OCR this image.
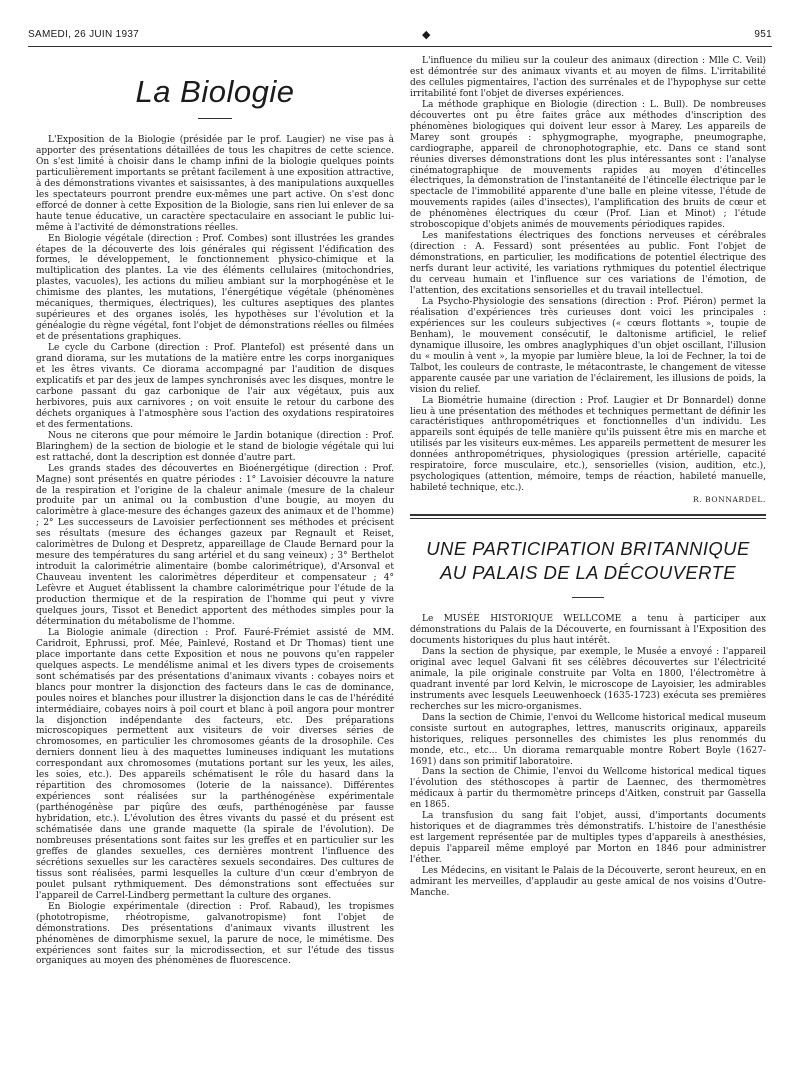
SAMEDI, 26 JUIN 1937	◆	951
La Biologie

L'Exposition de la Biologie (présidée par le prof. Laugier) ne vise pas à apporter des présentations détaillées de tous les chapitres de cette science. On s'est limité à choisir dans le champ infini de la biologie quelques points particulièrement importants se prêtant facilement à une exposition attractive, à des démonstrations vivantes et saisissantes, à des manipulations auxquelles les spectateurs pourront prendre eux-mêmes une part active. On s'est donc efforcé de donner à cette Exposition de la Biologie, sans rien lui enlever de sa haute tenue éducative, un caractère spectaculaire en associant le public lui-même à l'activité de démonstrations réelles.

En Biologie végétale (direction : Prof. Combes) sont illustrées les grandes étapes de la découverte des lois générales qui régissent l'édification des formes, le développement, le fonctionnement physico-chimique et la multiplication des plantes. La vie des éléments cellulaires (mitochondries, plastes, vacuoles), les actions du milieu ambiant sur la morphogénèse et le chimisme des plantes, les mutations, l'énergétique végétale (phénomènes mécaniques, thermiques, électriques), les cultures aseptiques des plantes supérieures et des organes isolés, les hypothèses sur l'évolution et la généalogie du règne végétal, font l'objet de démonstrations réelles ou filmées et de présentations graphiques.

Le cycle du Carbone (direction : Prof. Plantefol) est présenté dans un grand diorama, sur les mutations de la matière entre les corps inorganiques et les êtres vivants. Ce diorama accompagné par l'audition de disques explicatifs et par des jeux de lampes synchronisés avec les disques, montre le carbone passant du gaz carbonique de l'air aux végétaux, puis aux herbivores, puis aux carnivores ; on voit ensuite le retour du carbone des déchets organiques à l'atmosphère sous l'action des oxydations respiratoires et des fermentations.

Nous ne citerons que pour mémoire le Jardin botanique (direction : Prof. Blaringhem) de la section de biologie et le stand de biologie végétale qui lui est rattaché, dont la description est donnée d'autre part.

Les grands stades des découvertes en Bioénergétique (direction : Prof. Magne) sont présentés en quatre périodes : 1° Lavoisier découvre la nature de la respiration et l'origine de la chaleur animale (mesure de la chaleur produite par un animal ou la combustion d'une bougie, au moyen du calorimètre à glace-mesure des échanges gazeux des animaux et de l'homme) ; 2° Les successeurs de Lavoisier perfectionnent ses méthodes et précisent ses résultats (mesure des échanges gazeux par Regnault et Reiset, calorimètres de Dulong et Despretz, appareillage de Claude Bernard pour la mesure des températures du sang artériel et du sang veineux) ; 3° Berthelot introduit la calorimétrie alimentaire (bombe calorimétrique), d'Arsonval et Chauveau inventent les calorimètres déperditeur et compensateur ; 4° Lefèvre et Auguet établissent la chambre calorimétrique pour l'étude de la production thermique et de la respiration de l'homme qui peut y vivre quelques jours, Tissot et Benedict apportent des méthodes simples pour la détermination du métabolisme de l'homme.

La Biologie animale (direction : Prof. Fauré-Frémiet assisté de MM. Caridroit, Ephrussi, prof. Mée, Painlevé, Rostand et Dr Thomas) tient une place importante dans cette Exposition et nous ne pouvons qu'en rappeler quelques aspects. Le mendélisme animal et les divers types de croisements sont schématisés par des présentations d'animaux vivants : cobayes noirs et blancs pour montrer la disjonction des facteurs dans le cas de dominance, poules noires et blanches pour illustrer la disjonction dans le cas de l'hérédité intermédiaire, cobayes noirs à poil court et blanc à poil angora pour montrer la disjonction indépendante des facteurs, etc. Des préparations microscopiques permettent aux visiteurs de voir diverses séries de chromosomes, en particulier les chromosomes géants de la drosophile. Ces derniers donnent lieu à des maquettes lumineuses indiquant les mutations correspondant aux chromosomes (mutations portant sur les yeux, les ailes, les soies, etc.). Des appareils schématisent le rôle du hasard dans la répartition des chromosomes (loterie de la naissance). Différentes expériences sont réalisées sur la parthénogénèse expérimentale (parthénogénèse par piqûre des œufs, parthénogénèse par fausse hybridation, etc.). L'évolution des êtres vivants du passé et du présent est schématisée dans une grande maquette (la spirale de l'évolution). De nombreuses présentations sont faites sur les greffes et en particulier sur les greffes de glandes sexuelles, ces dernières montrent l'influence des sécrétions sexuelles sur les caractères sexuels secondaires. Des cultures de tissus sont réalisées, parmi lesquelles la culture d'un cœur d'embryon de poulet pulsant rythmiquement. Des démonstrations sont effectuées sur l'appareil de Carrel-Lindberg permettant la culture des organes.

En Biologie expérimentale (direction : Prof. Rabaud), les tropismes (phototropisme, rhéotropisme, galvanotropisme) font l'objet de démonstrations. Des présentations d'animaux vivants illustrent les phénomènes de dimorphisme sexuel, la parure de noce, le mimétisme. Des expériences sont faites sur la microdissection, et sur l'étude des tissus organiques au moyen des phénomènes de fluorescence.

L'influence du milieu sur la couleur des animaux (direction : Mlle C. Veil) est démontrée sur des animaux vivants et au moyen de films. L'irritabilité des cellules pigmentaires, l'action des surrénales et de l'hypophyse sur cette irritabilité font l'objet de diverses expériences.

La méthode graphique en Biologie (direction : L. Bull). De nombreuses découvertes ont pu être faites grâce aux méthodes d'inscription des phénomènes biologiques qui doivent leur essor à Marey. Les appareils de Marey sont groupés : sphygmographe, myographe, pneumographe, cardiographe, appareil de chronophotographie, etc. Dans ce stand sont réunies diverses démonstrations dont les plus intéressantes sont : l'analyse cinématographique de mouvements rapides au moyen d'étincelles électriques, la démonstration de l'instantanéité de l'étincelle électrique par le spectacle de l'immobilité apparente d'une balle en pleine vitesse, l'étude de mouvements rapides (ailes d'insectes), l'amplification des bruits de cœur et de phénomènes électriques du cœur (Prof. Lian et Minot) ; l'étude stroboscopique d'objets animés de mouvements périodiques rapides.

Les manifestations électriques des fonctions nerveuses et cérébrales (direction : A. Fessard) sont présentées au public. Font l'objet de démonstrations, en particulier, les modifications de potentiel électrique des nerfs durant leur activité, les variations rythmiques du potentiel électrique du cerveau humain et l'influence sur ces variations de l'émotion, de l'attention, des excitations sensorielles et du travail intellectuel.

La Psycho-Physiologie des sensations (direction : Prof. Piéron) permet la réalisation d'expériences très curieuses dont voici les principales : expériences sur les couleurs subjectives (« cœurs flottants », toupie de Benham), le mouvement consécutif, le daltonisme artificiel, le relief dynamique illusoire, les ombres anaglyphiques d'un objet oscillant, l'illusion du « moulin à vent », la myopie par lumière bleue, la loi de Fechner, la toi de Talbot, les couleurs de contraste, le métacontraste, le changement de vitesse apparente causée par une variation de l'éclairement, les illusions de poids, la vision du relief.

La Biométrie humaine (direction : Prof. Laugier et Dr Bonnardel) donne lieu à une présentation des méthodes et techniques permettant de définir les caractéristiques anthropométriques et fonctionnelles d'un individu. Les appareils sont équipés de telle manière qu'ils puissent être mis en marche et utilisés par les visiteurs eux-mêmes. Les appareils permettent de mesurer les données anthropométriques, physiologiques (pression artérielle, capacité respiratoire, force musculaire, etc.), sensorielles (vision, audition, etc.), psychologiques (attention, mémoire, temps de réaction, habileté manuelle, habileté technique, etc.).

R. BONNARDEL.
UNE PARTICIPATION BRITANNIQUE
AU PALAIS DE LA DÉCOUVERTE

Le MUSÉE HISTORIQUE WELLCOME a tenu à participer aux démonstrations du Palais de la Découverte, en fournissant à l'Exposition des documents historiques du plus haut intérêt.

Dans la section de physique, par exemple, le Musée a envoyé : l'appareil original avec lequel Galvani fit ses célèbres découvertes sur l'électricité animale, la pile originale construite par Volta en 1800, l'électromètre à quadrant inventé par lord Kelvin, le microscope de Layoisier, les admirables instruments avec lesquels Leeuwenhoeck (1635-1723) exécuta ses premières recherches sur les micro-organismes.

Dans la section de Chimie, l'envoi du Wellcome historical medical museum consiste surtout en autographes, lettres, manuscrits originaux, appareils historiques, reliques personnelles des chimistes les plus renommés du monde, etc., etc... Un diorama remarquable montre Robert Boyle (1627-1691) dans son primitif laboratoire.

Dans la section de Chimie, l'envoi du Wellcome historical medical tiques l'évolution des stéthoscopes à partir de Laennec, des thermomètres médicaux à partir du thermomètre princeps d'Aitken, construit par Gassella en 1865.

La transfusion du sang fait l'objet, aussi, d'importants documents historiques et de diagrammes très démonstratifs. L'histoire de l'anesthésie est largement représentée par de multiples types d'appareils à anesthésies, depuis l'appareil même employé par Morton en 1846 pour administrer l'éther.

Les Médecins, en visitant le Palais de la Découverte, seront heureux, en en admirant les merveilles, d'applaudir au geste amical de nos voisins d'Outre-Manche.
